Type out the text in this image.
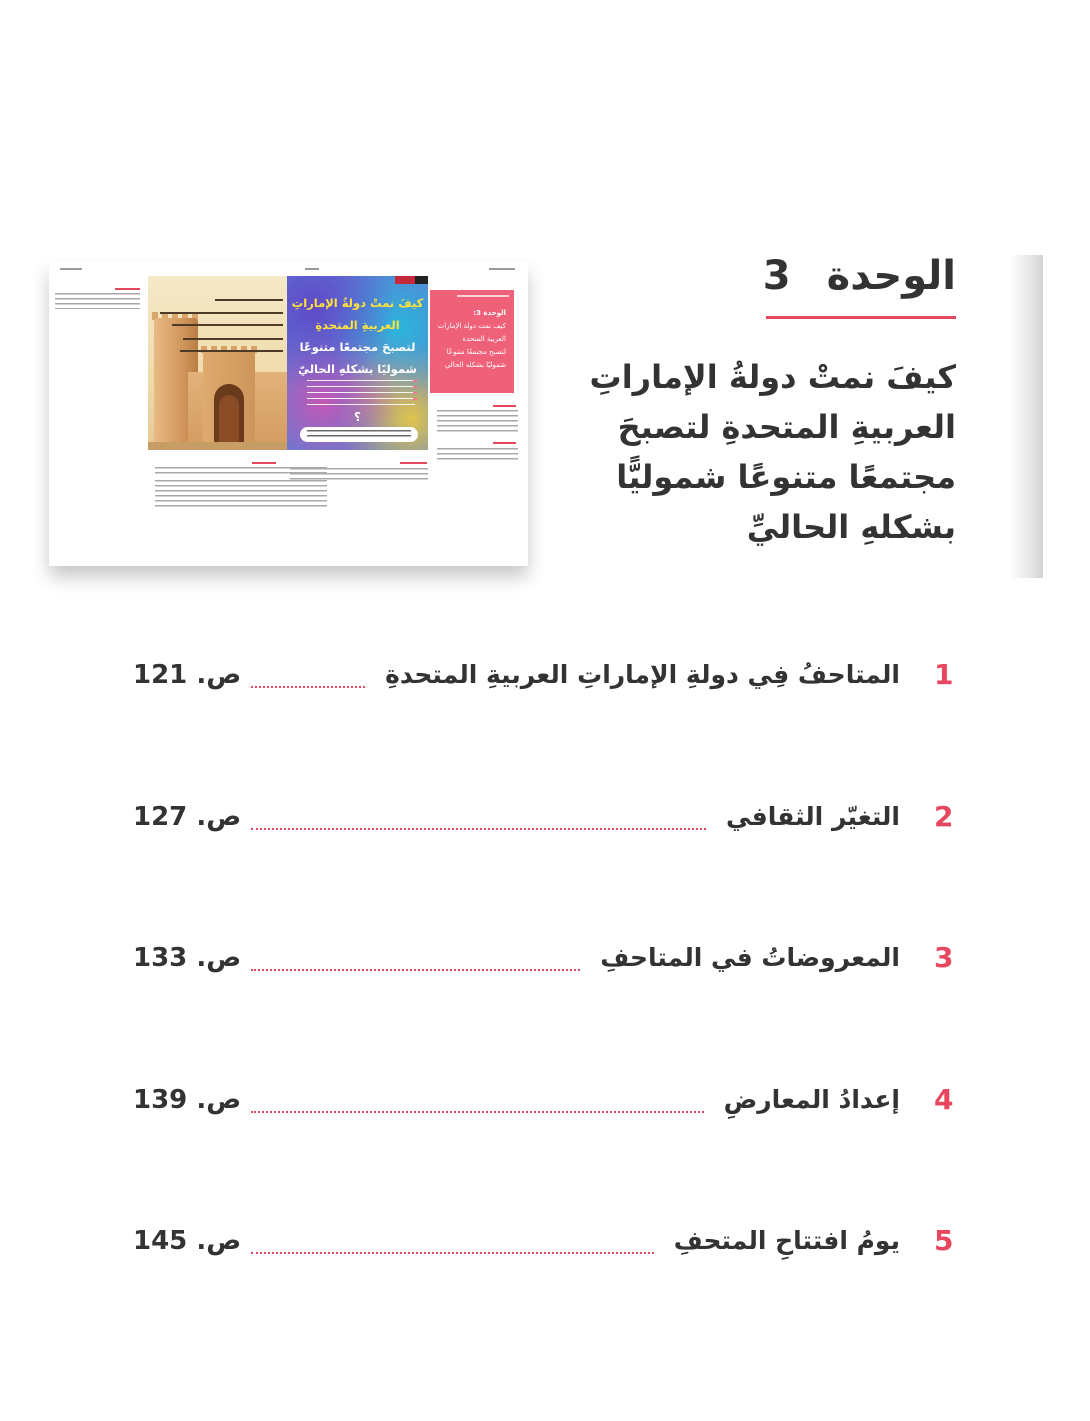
الوحدة
3
كيفَ نمتْ دولةُ الإماراتِ
العربيةِ المتحدةِ لتصبحَ
مجتمعًا متنوعًا شموليًّا
بشكلهِ الحاليِّ
كيفَ نمتْ دولةُ الإماراتِ
العربيةِ المتحدةِ
لتصبحَ مجتمعًا متنوعًا
شموليًا بشكلهِ الحاليّ
؟
الوحدة 3:
كيف نمت دولة الإمارات
العربية المتحدة
لتصبح مجتمعًا متنوعًا
شموليًا بشكله الحالي
1
المتاحفُ فِي دولةِ الإماراتِ العربيةِ المتحدةِ
ص. 121
2
التغيّر الثقافي
ص. 127
3
المعروضاتُ في المتاحفِ
ص. 133
4
إعدادُ المعارضِ
ص. 139
5
يومُ افتتاحِ المتحفِ
ص. 145
